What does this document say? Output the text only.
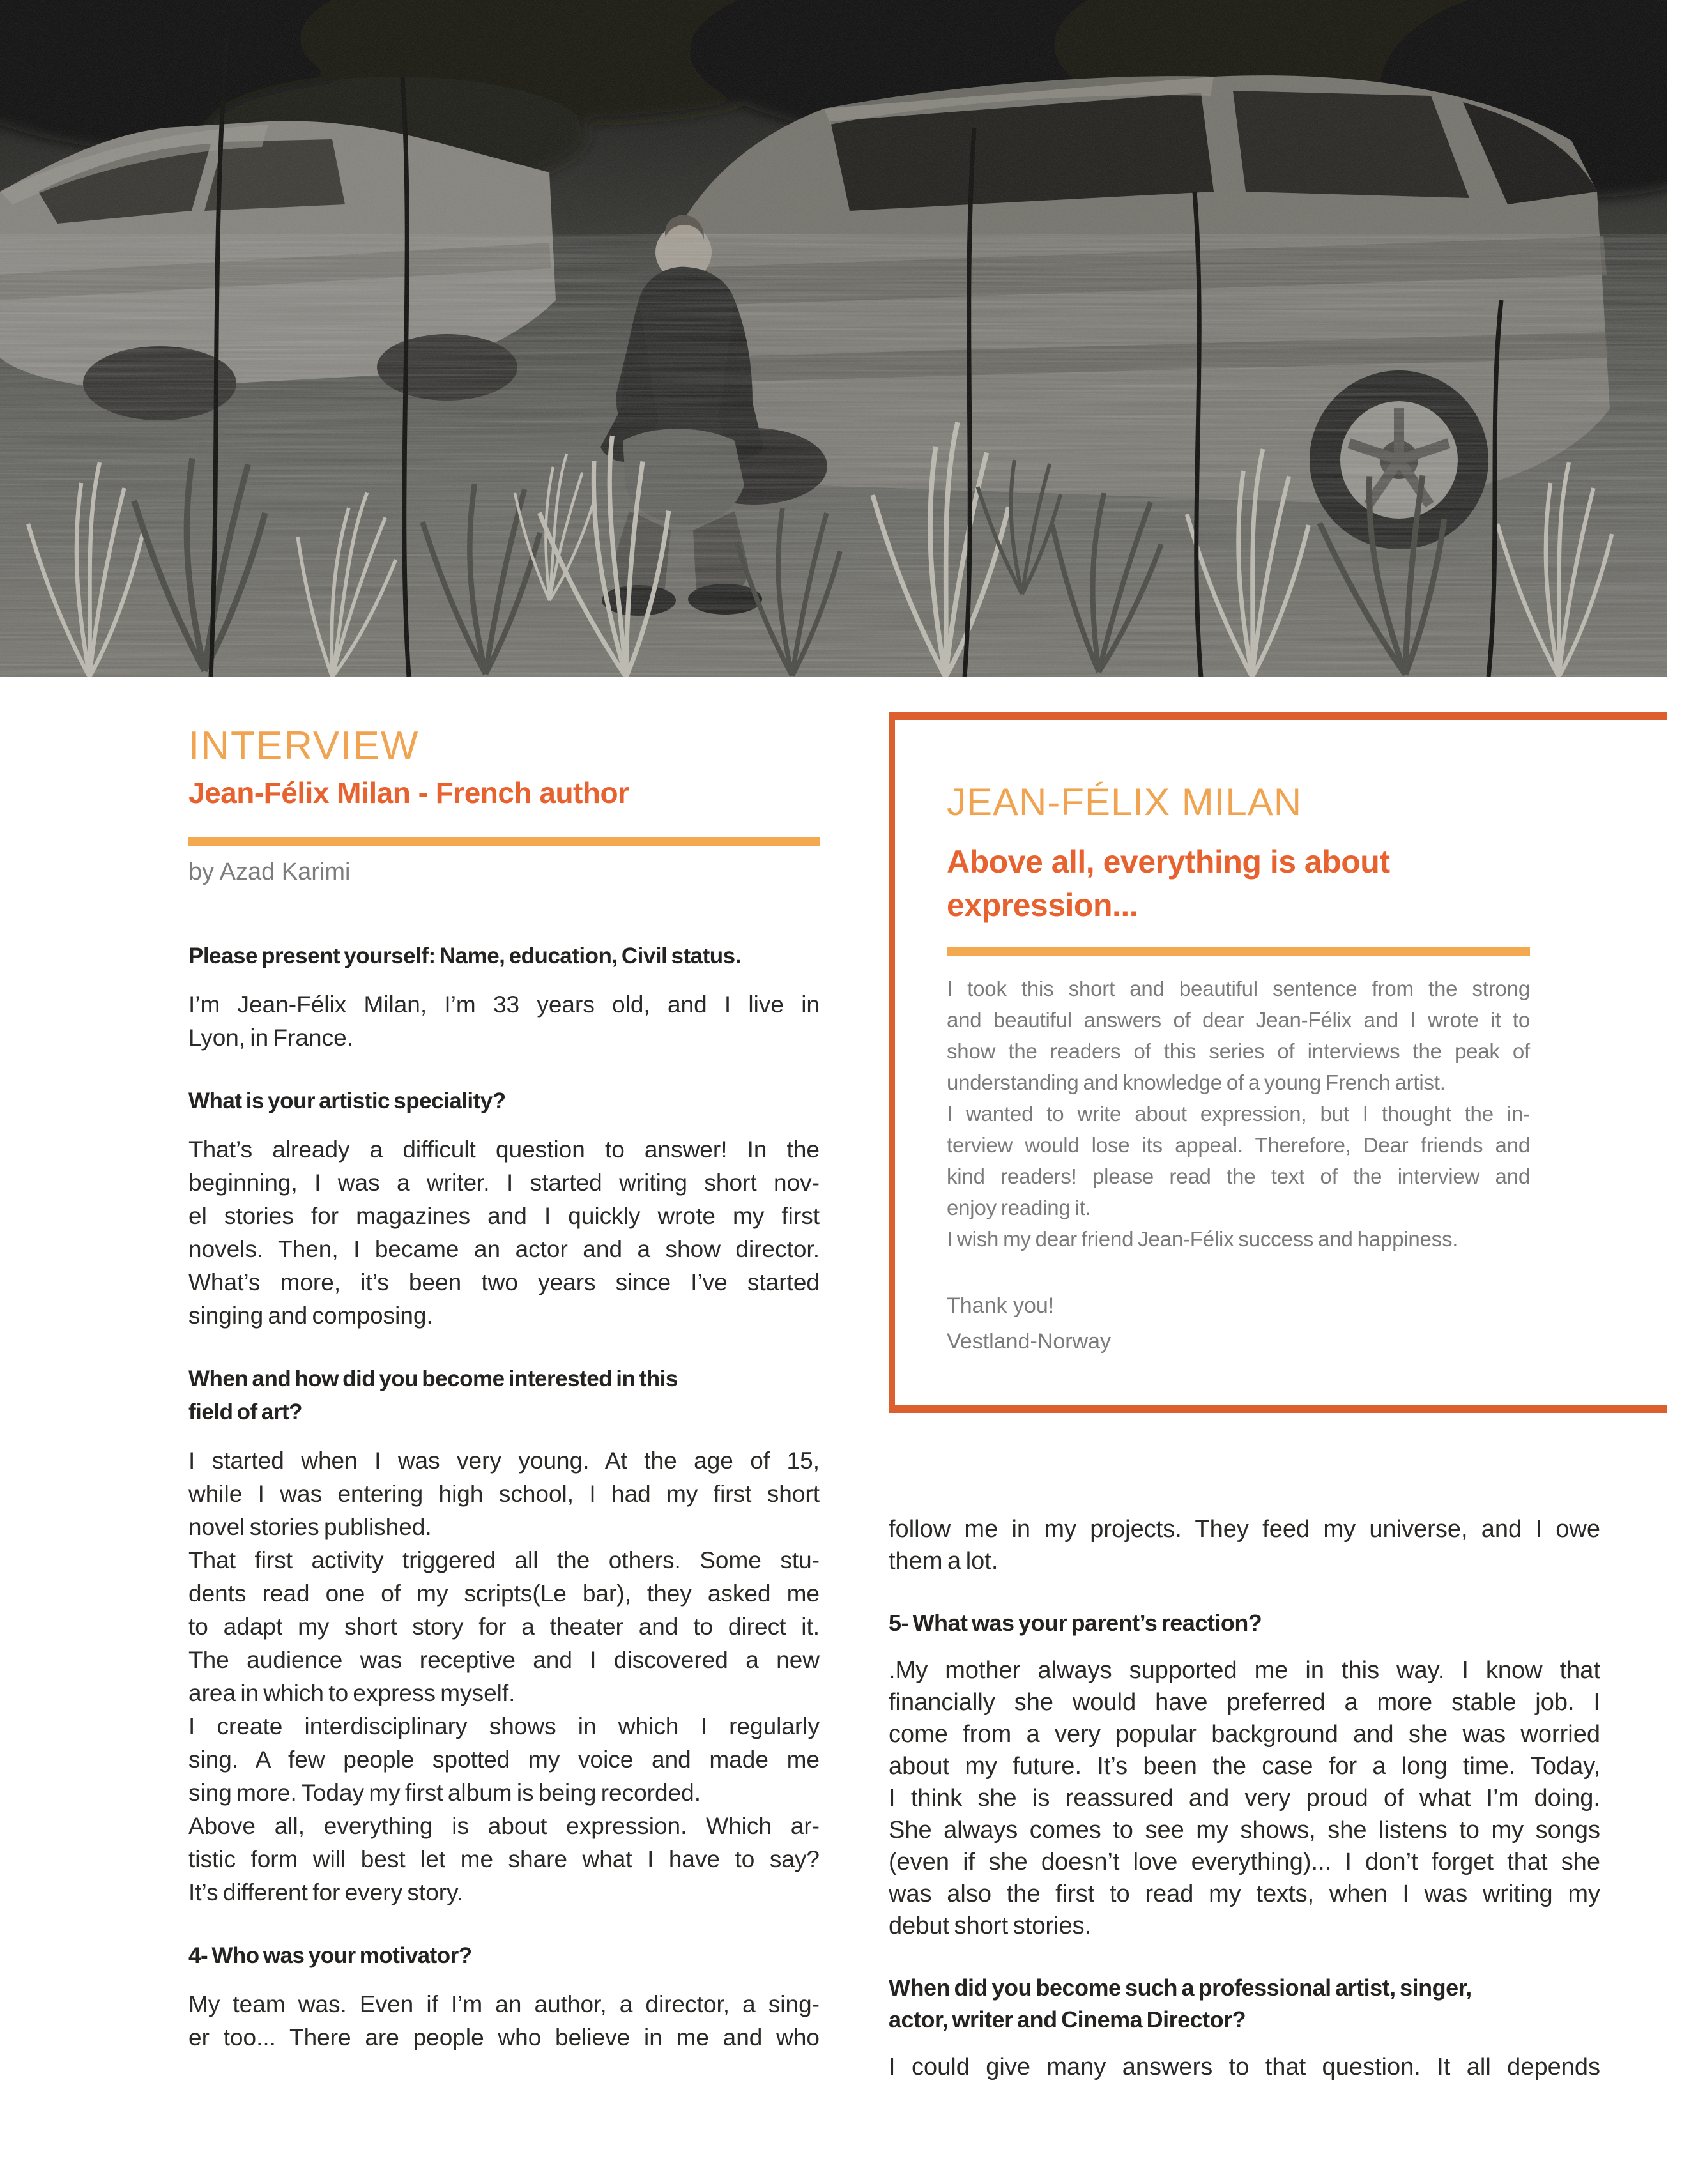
INTERVIEW
Jean-Félix Milan - French author
by Azad Karimi
Please present yourself: Name, education, Civil status.
I’m Jean-Félix Milan, I’m 33 years old, and I live in
Lyon, in France.
What is your artistic speciality?
That’s already a difficult question to answer! In the
beginning, I was a writer. I started writing short nov-
el stories for magazines and I quickly wrote my first
novels. Then, I became an actor and a show director.
What’s more, it’s been two years since I’ve started
singing and composing.
When and how did you become interested in this
field of art?
I started when I was very young. At the age of 15,
while I was entering high school, I had my first short
novel stories published.
That first activity triggered all the others. Some stu-
dents read one of my scripts(Le bar), they asked me
to adapt my short story for a theater and to direct it.
The audience was receptive and I discovered a new
area in which to express myself.
I create interdisciplinary shows in which I regularly
sing. A few people spotted my voice and made me
sing more. Today my first album is being recorded.
Above all, everything is about expression. Which ar-
tistic form will best let me share what I have to say?
It’s different for every story.
4- Who was your motivator?
My team was. Even if I’m an author, a director, a sing-
er too... There are people who believe in me and who
JEAN-FÉLIX MILAN
Above all, everything is about
expression...
I took this short and beautiful sentence from the strong
and beautiful answers of dear Jean-Félix and I wrote it to
show the readers of this series of interviews the peak of
understanding and knowledge of a young French artist.
I wanted to write about expression, but I thought the in-
terview would lose its appeal. Therefore, Dear friends and
kind readers! please read the text of the interview and
enjoy reading it.
I wish my dear friend Jean-Félix success and happiness.
Thank you!
Vestland-Norway
follow me in my projects. They feed my universe, and I owe
them a lot.
5- What was your parent’s reaction?
.My mother always supported me in this way. I know that
financially she would have preferred a more stable job. I
come from a very popular background and she was worried
about my future. It’s been the case for a long time. Today,
I think she is reassured and very proud of what I’m doing.
She always comes to see my shows, she listens to my songs
(even if she doesn’t love everything)... I don’t forget that she
was also the first to read my texts, when I was writing my
debut short stories.
When did you become such a professional artist, singer,
actor, writer and Cinema Director?
I could give many answers to that question. It all depends
